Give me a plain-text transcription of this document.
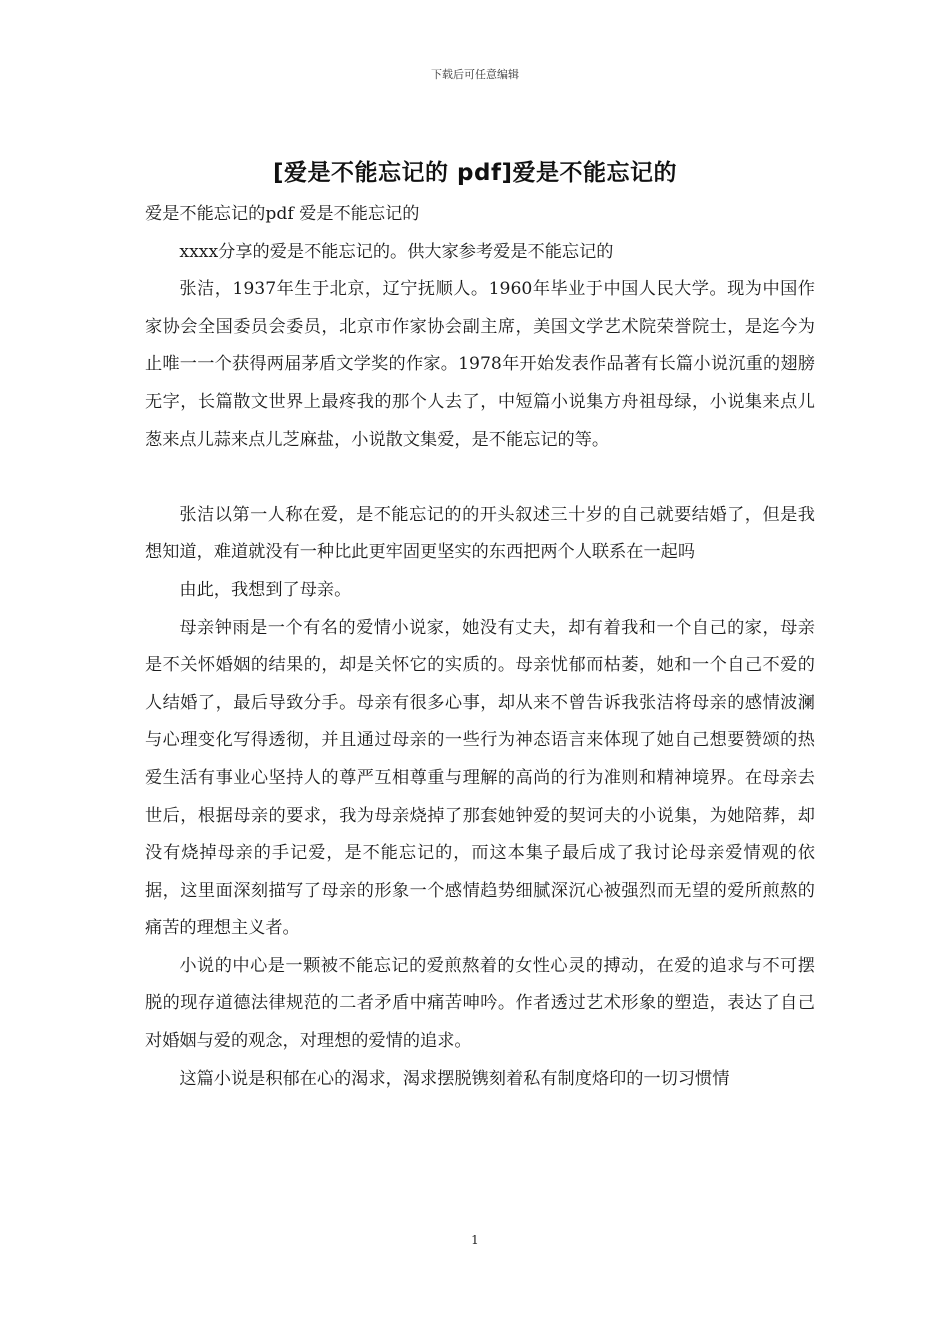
下载后可任意编辑
[爱是不能忘记的 pdf]爱是不能忘记的

爱是不能忘记的pdf 爱是不能忘记的

xxxx分享的爱是不能忘记的。供大家参考爱是不能忘记的

张洁，1937年生于北京，辽宁抚顺人。1960年毕业于中国人民大学。现为中国作家协会全国委员会委员，北京市作家协会副主席，美国文学艺术院荣誉院士，是迄今为止唯一一个获得两届茅盾文学奖的作家。1978年开始发表作品著有长篇小说沉重的翅膀无字，长篇散文世界上最疼我的那个人去了，中短篇小说集方舟祖母绿，小说集来点儿葱来点儿蒜来点儿芝麻盐，小说散文集爱，是不能忘记的等。

张洁以第一人称在爱，是不能忘记的的开头叙述三十岁的自己就要结婚了，但是我想知道，难道就没有一种比此更牢固更坚实的东西把两个人联系在一起吗

由此，我想到了母亲。

母亲钟雨是一个有名的爱情小说家，她没有丈夫，却有着我和一个自己的家，母亲是不关怀婚姻的结果的，却是关怀它的实质的。母亲忧郁而枯萎，她和一个自己不爱的人结婚了，最后导致分手。母亲有很多心事，却从来不曾告诉我张洁将母亲的感情波澜与心理变化写得透彻，并且通过母亲的一些行为神态语言来体现了她自己想要赞颂的热爱生活有事业心坚持人的尊严互相尊重与理解的高尚的行为准则和精神境界。在母亲去世后，根据母亲的要求，我为母亲烧掉了那套她钟爱的契诃夫的小说集，为她陪葬，却没有烧掉母亲的手记爱，是不能忘记的，而这本集子最后成了我讨论母亲爱情观的依据，这里面深刻描写了母亲的形象一个感情趋势细腻深沉心被强烈而无望的爱所煎熬的痛苦的理想主义者。

小说的中心是一颗被不能忘记的爱煎熬着的女性心灵的搏动，在爱的追求与不可摆脱的现存道德法律规范的二者矛盾中痛苦呻吟。作者透过艺术形象的塑造，表达了自己对婚姻与爱的观念，对理想的爱情的追求。

这篇小说是积郁在心的渴求，渴求摆脱镌刻着私有制度烙印的一切习惯情

1
